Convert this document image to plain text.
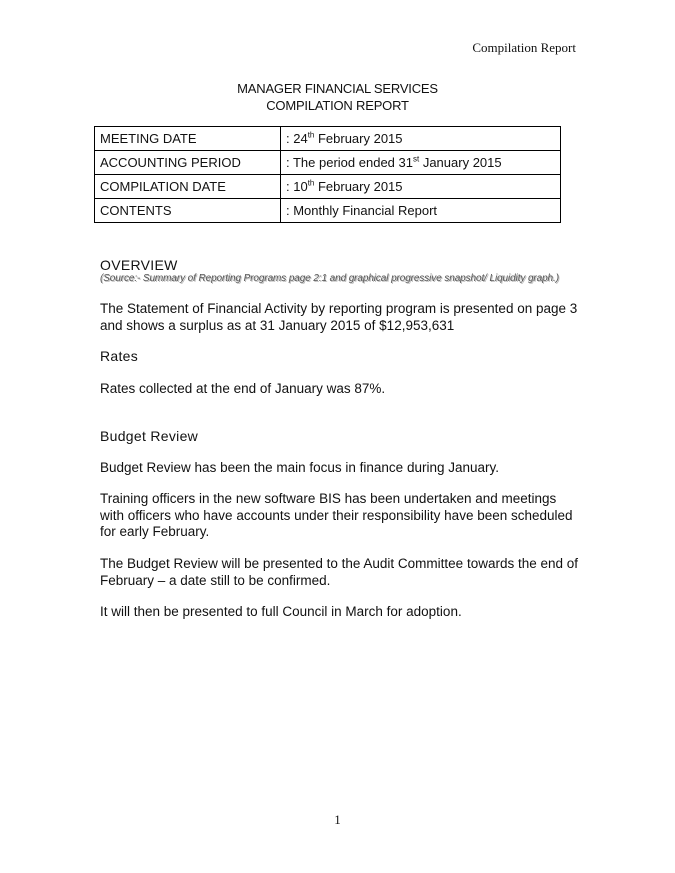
Compilation Report
MANAGER FINANCIAL SERVICES
COMPILATION REPORT
MEETING DATE	: 24th February 2015
ACCOUNTING PERIOD	: The period ended 31st January 2015
COMPILATION DATE	: 10th February 2015
CONTENTS	: Monthly Financial Report
OVERVIEW
(Source:- Summary of Reporting Programs page 2:1 and graphical progressive snapshot/ Liquidity graph.)
The Statement of Financial Activity by reporting program is presented on page 3 and shows a surplus as at 31 January 2015 of $12,953,631
Rates
Rates collected at the end of January was 87%.
Budget Review
Budget Review has been the main focus in finance during January.
Training officers in the new software BIS has been undertaken and meetings with officers who have accounts under their responsibility have been scheduled for early February.
The Budget Review will be presented to the Audit Committee towards the end of February – a date still to be confirmed.
It will then be presented to full Council in March for adoption.
1
